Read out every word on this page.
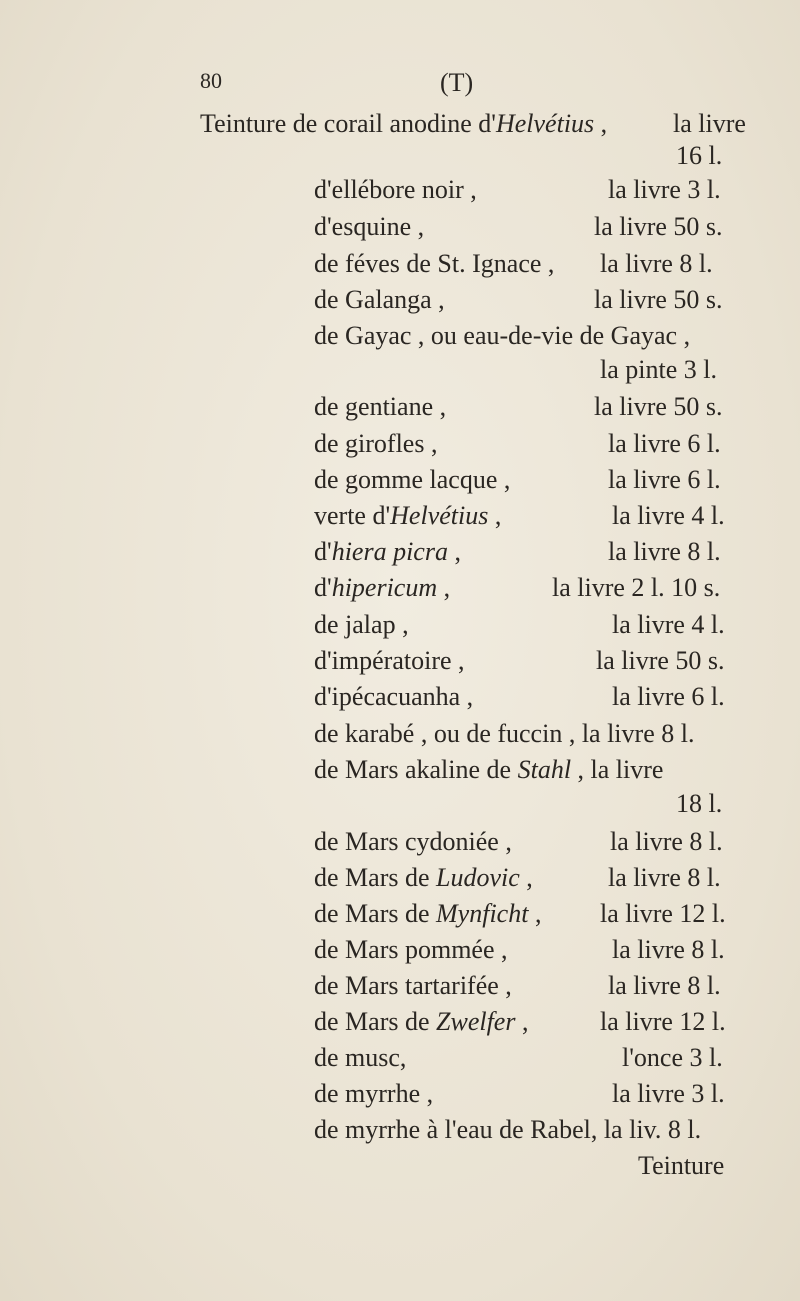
80	(T)
Teinture de corail anodine d'Helvétius ,	la livre
16 l.
d'ellébore noir ,	la livre 3 l.
d'esquine ,	la livre 50 s.
de féves de St. Ignace , la livre 8 l.
de Galanga ,	la livre 50 s.
de Gayac , ou eau-de-vie de Gayac ,
la pinte 3 l.
de gentiane ,	la livre 50 s.
de girofles ,	la livre 6 l.
de gomme lacque ,	la livre 6 l.
verte d'Helvétius ,	la livre 4 l.
d'hiera picra ,	la livre 8 l.
d'hipericum ,	la livre 2 l. 10 s.
de jalap ,	la livre 4 l.
d'impératoire ,	la livre 50 s.
d'ipécacuanha ,	la livre 6 l.
de karabé , ou de fuccin , la livre 8 l.
de Mars akaline de Stahl , la livre
18 l.
de Mars cydoniée ,	la livre 8 l.
de Mars de Ludovic ,	la livre 8 l.
de Mars de Mynficht , la livre 12 l.
de Mars pommée ,	la livre 8 l.
de Mars tartarifée ,	la livre 8 l.
de Mars de Zwelfer ,	la livre 12 l.
de musc,	l'once 3 l.
de myrrhe ,	la livre 3 l.
de myrrhe à l'eau de Rabel, la liv. 8 l.
Teinture
